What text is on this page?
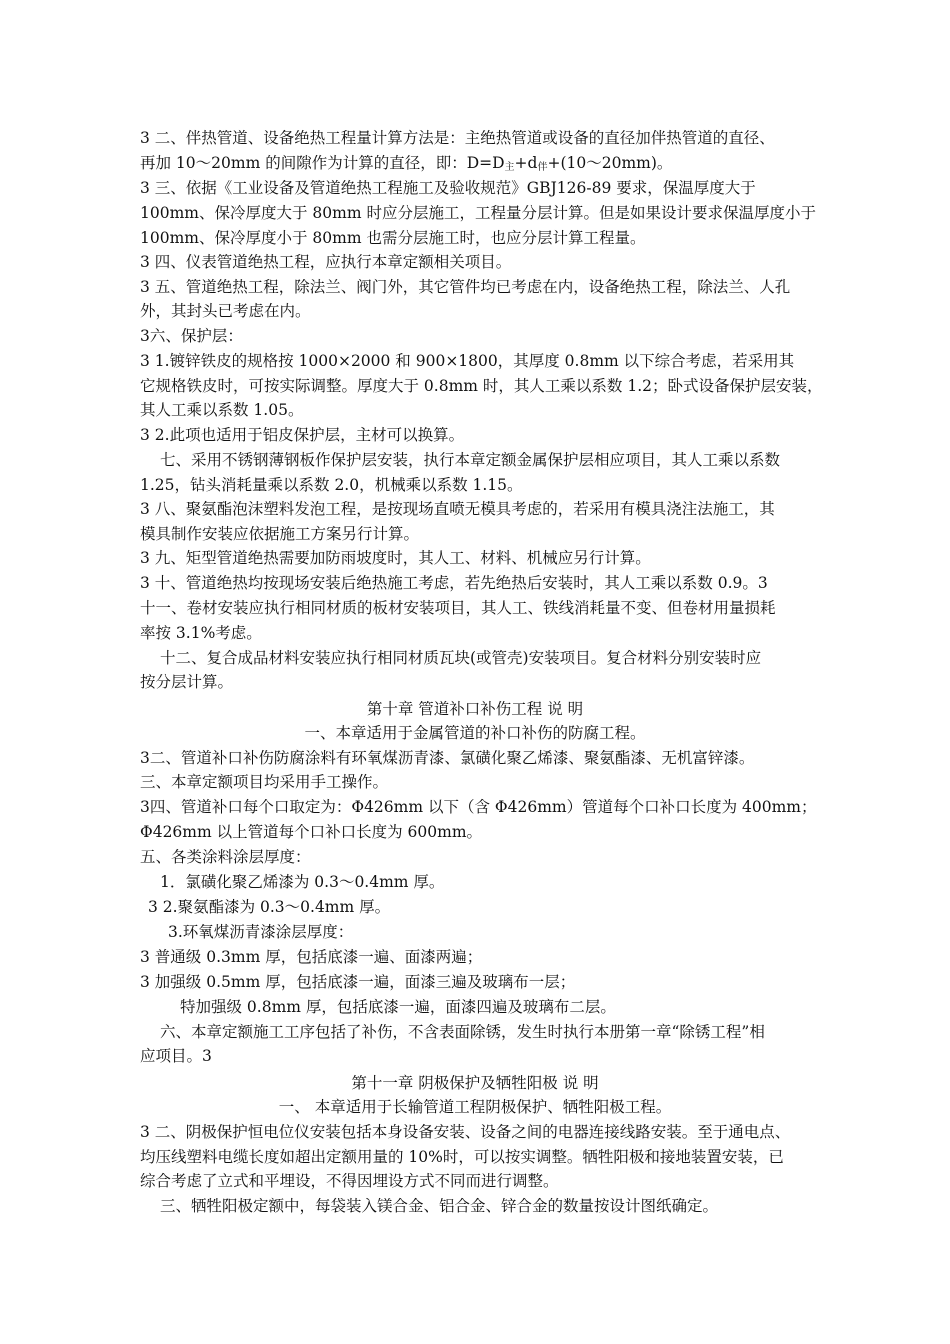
3 二、伴热管道、设备绝热工程量计算方法是：主绝热管道或设备的直径加伴热管道的直径、
再加 10～20mm 的间隙作为计算的直径，即：$D=D_主+d_伴+(10\sim 20mm)$。
3 三、依据《工业设备及管道绝热工程施工及验收规范》GBJ126-89 要求，保温厚度大于
100mm、保冷厚度大于 80mm 时应分层施工，工程量分层计算。但是如果设计要求保温厚度小于
100mm、保冷厚度小于 80mm 也需分层施工时，也应分层计算工程量。
3 四、仪表管道绝热工程，应执行本章定额相关项目。
3 五、管道绝热工程，除法兰、阀门外，其它管件均已考虑在内，设备绝热工程，除法兰、人孔
外，其封头已考虑在内。
3六、保护层：
3 1.镀锌铁皮的规格按 1000×2000 和 900×1800，其厚度 0.8mm 以下综合考虑，若采用其
它规格铁皮时，可按实际调整。厚度大于 0.8mm 时，其人工乘以系数 1.2；卧式设备保护层安装，
其人工乘以系数 1.05。
3 2.此项也适用于铝皮保护层，主材可以换算。
七、采用不锈钢薄钢板作保护层安装，执行本章定额金属保护层相应项目，其人工乘以系数
1.25，钻头消耗量乘以系数 2.0，机械乘以系数 1.15。
3 八、聚氨酯泡沫塑料发泡工程，是按现场直喷无模具考虑的，若采用有模具浇注法施工，其
模具制作安装应依据施工方案另行计算。
3 九、矩型管道绝热需要加防雨坡度时，其人工、材料、机械应另行计算。
3 十、管道绝热均按现场安装后绝热施工考虑，若先绝热后安装时，其人工乘以系数 0.9。3
十一、卷材安装应执行相同材质的板材安装项目，其人工、铁线消耗量不变、但卷材用量损耗
率按 3.1%考虑。
十二、复合成品材料安装应执行相同材质瓦块(或管壳)安装项目。复合材料分别安装时应
按分层计算。
第十章 管道补口补伤工程 说 明
一、本章适用于金属管道的补口补伤的防腐工程。
3二、管道补口补伤防腐涂料有环氧煤沥青漆、氯磺化聚乙烯漆、聚氨酯漆、无机富锌漆。
三、本章定额项目均采用手工操作。
3四、管道补口每个口取定为：Φ426mm 以下（含 Φ426mm）管道每个口补口长度为 400mm；
Φ426mm 以上管道每个口补口长度为 600mm。
五、各类涂料涂层厚度：
1．氯磺化聚乙烯漆为 0.3～0.4mm 厚。
3 2.聚氨酯漆为 0.3～0.4mm 厚。
3.环氧煤沥青漆涂层厚度：
3 普通级 0.3mm 厚，包括底漆一遍、面漆两遍；
3 加强级 0.5mm 厚，包括底漆一遍，面漆三遍及玻璃布一层；
特加强级 0.8mm 厚，包括底漆一遍，面漆四遍及玻璃布二层。
六、本章定额施工工序包括了补伤，不含表面除锈，发生时执行本册第一章“除锈工程”相
应项目。3
第十一章 阴极保护及牺牲阳极 说 明
一、 本章适用于长输管道工程阴极保护、牺牲阳极工程。
3 二、阴极保护恒电位仪安装包括本身设备安装、设备之间的电器连接线路安装。至于通电点、
均压线塑料电缆长度如超出定额用量的 10%时，可以按实调整。牺牲阳极和接地装置安装，已
综合考虑了立式和平埋设，不得因埋设方式不同而进行调整。
三、牺牲阳极定额中，每袋装入镁合金、铝合金、锌合金的数量按设计图纸确定。
